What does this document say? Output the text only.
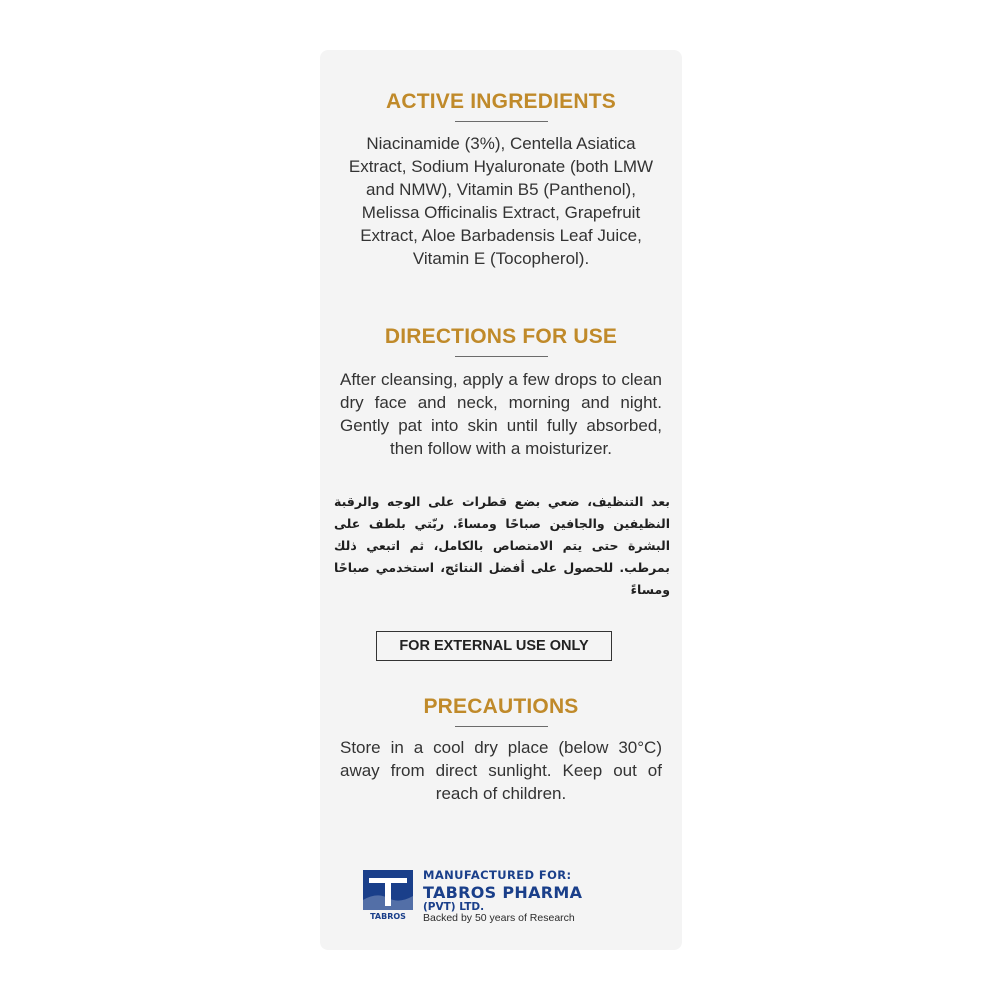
ACTIVE INGREDIENTS

Niacinamide (3%), Centella Asiatica Extract, Sodium Hyaluronate (both LMW and NMW), Vitamin B5 (Panthenol), Melissa Officinalis Extract, Grapefruit Extract, Aloe Barbadensis Leaf Juice, Vitamin E (Tocopherol).

DIRECTIONS FOR USE

After cleansing, apply a few drops to clean dry face and neck, morning and night. Gently pat into skin until fully absorbed, then follow with a moisturizer.

بعد التنظيف، ضعي بضع قطرات على الوجه والرقبة النظيفين والجافين صباحًا ومساءً. ربّتي بلطف على البشرة حتى يتم الامتصاص بالكامل، ثم اتبعي ذلك بمرطب. للحصول على أفضل النتائج، استخدمي صباحًا ومساءً

FOR EXTERNAL USE ONLY
PRECAUTIONS

Store in a cool dry place (below 30°C) away from direct sunlight. Keep out of reach of children.

TABROS
MANUFACTURED FOR:
TABROS PHARMA
(PVT) LTD.
Backed by 50 years of Research
